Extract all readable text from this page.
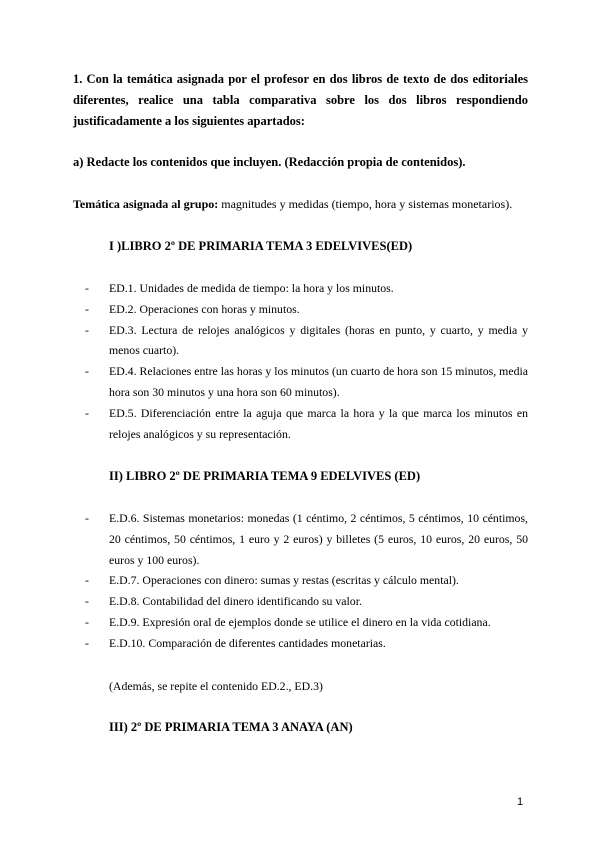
1. Con la temática asignada por el profesor en dos libros de texto de dos editoriales diferentes, realice una tabla comparativa sobre los dos libros respondiendo justificadamente a los siguientes apartados:
a) Redacte los contenidos que incluyen. (Redacción propia de contenidos).
Temática asignada al grupo: magnitudes y medidas (tiempo, hora y sistemas monetarios).
I )LIBRO 2º DE PRIMARIA TEMA 3 EDELVIVES(ED)
- ED.1. Unidades de medida de tiempo: la hora y los minutos.
- ED.2. Operaciones con horas y minutos.
- ED.3. Lectura de relojes analógicos y digitales (horas en punto, y cuarto, y media y menos cuarto).
- ED.4. Relaciones entre las horas y los minutos (un cuarto de hora son 15 minutos, media hora son 30 minutos y una hora son 60 minutos).
- ED.5. Diferenciación entre la aguja que marca la hora y la que marca los minutos en relojes analógicos y su representación.
II) LIBRO 2º DE PRIMARIA TEMA 9 EDELVIVES (ED)
- E.D.6. Sistemas monetarios: monedas (1 céntimo, 2 céntimos, 5 céntimos, 10 céntimos, 20 céntimos, 50 céntimos, 1 euro y 2 euros) y billetes (5 euros, 10 euros, 20 euros, 50 euros y 100 euros).
- E.D.7. Operaciones con dinero: sumas y restas (escritas y cálculo mental).
- E.D.8. Contabilidad del dinero identificando su valor.
- E.D.9. Expresión oral de ejemplos donde se utilice el dinero en la vida cotidiana.
- E.D.10. Comparación de diferentes cantidades monetarias.
(Además, se repite el contenido ED.2., ED.3)
III) 2º DE PRIMARIA TEMA 3 ANAYA (AN)
1
